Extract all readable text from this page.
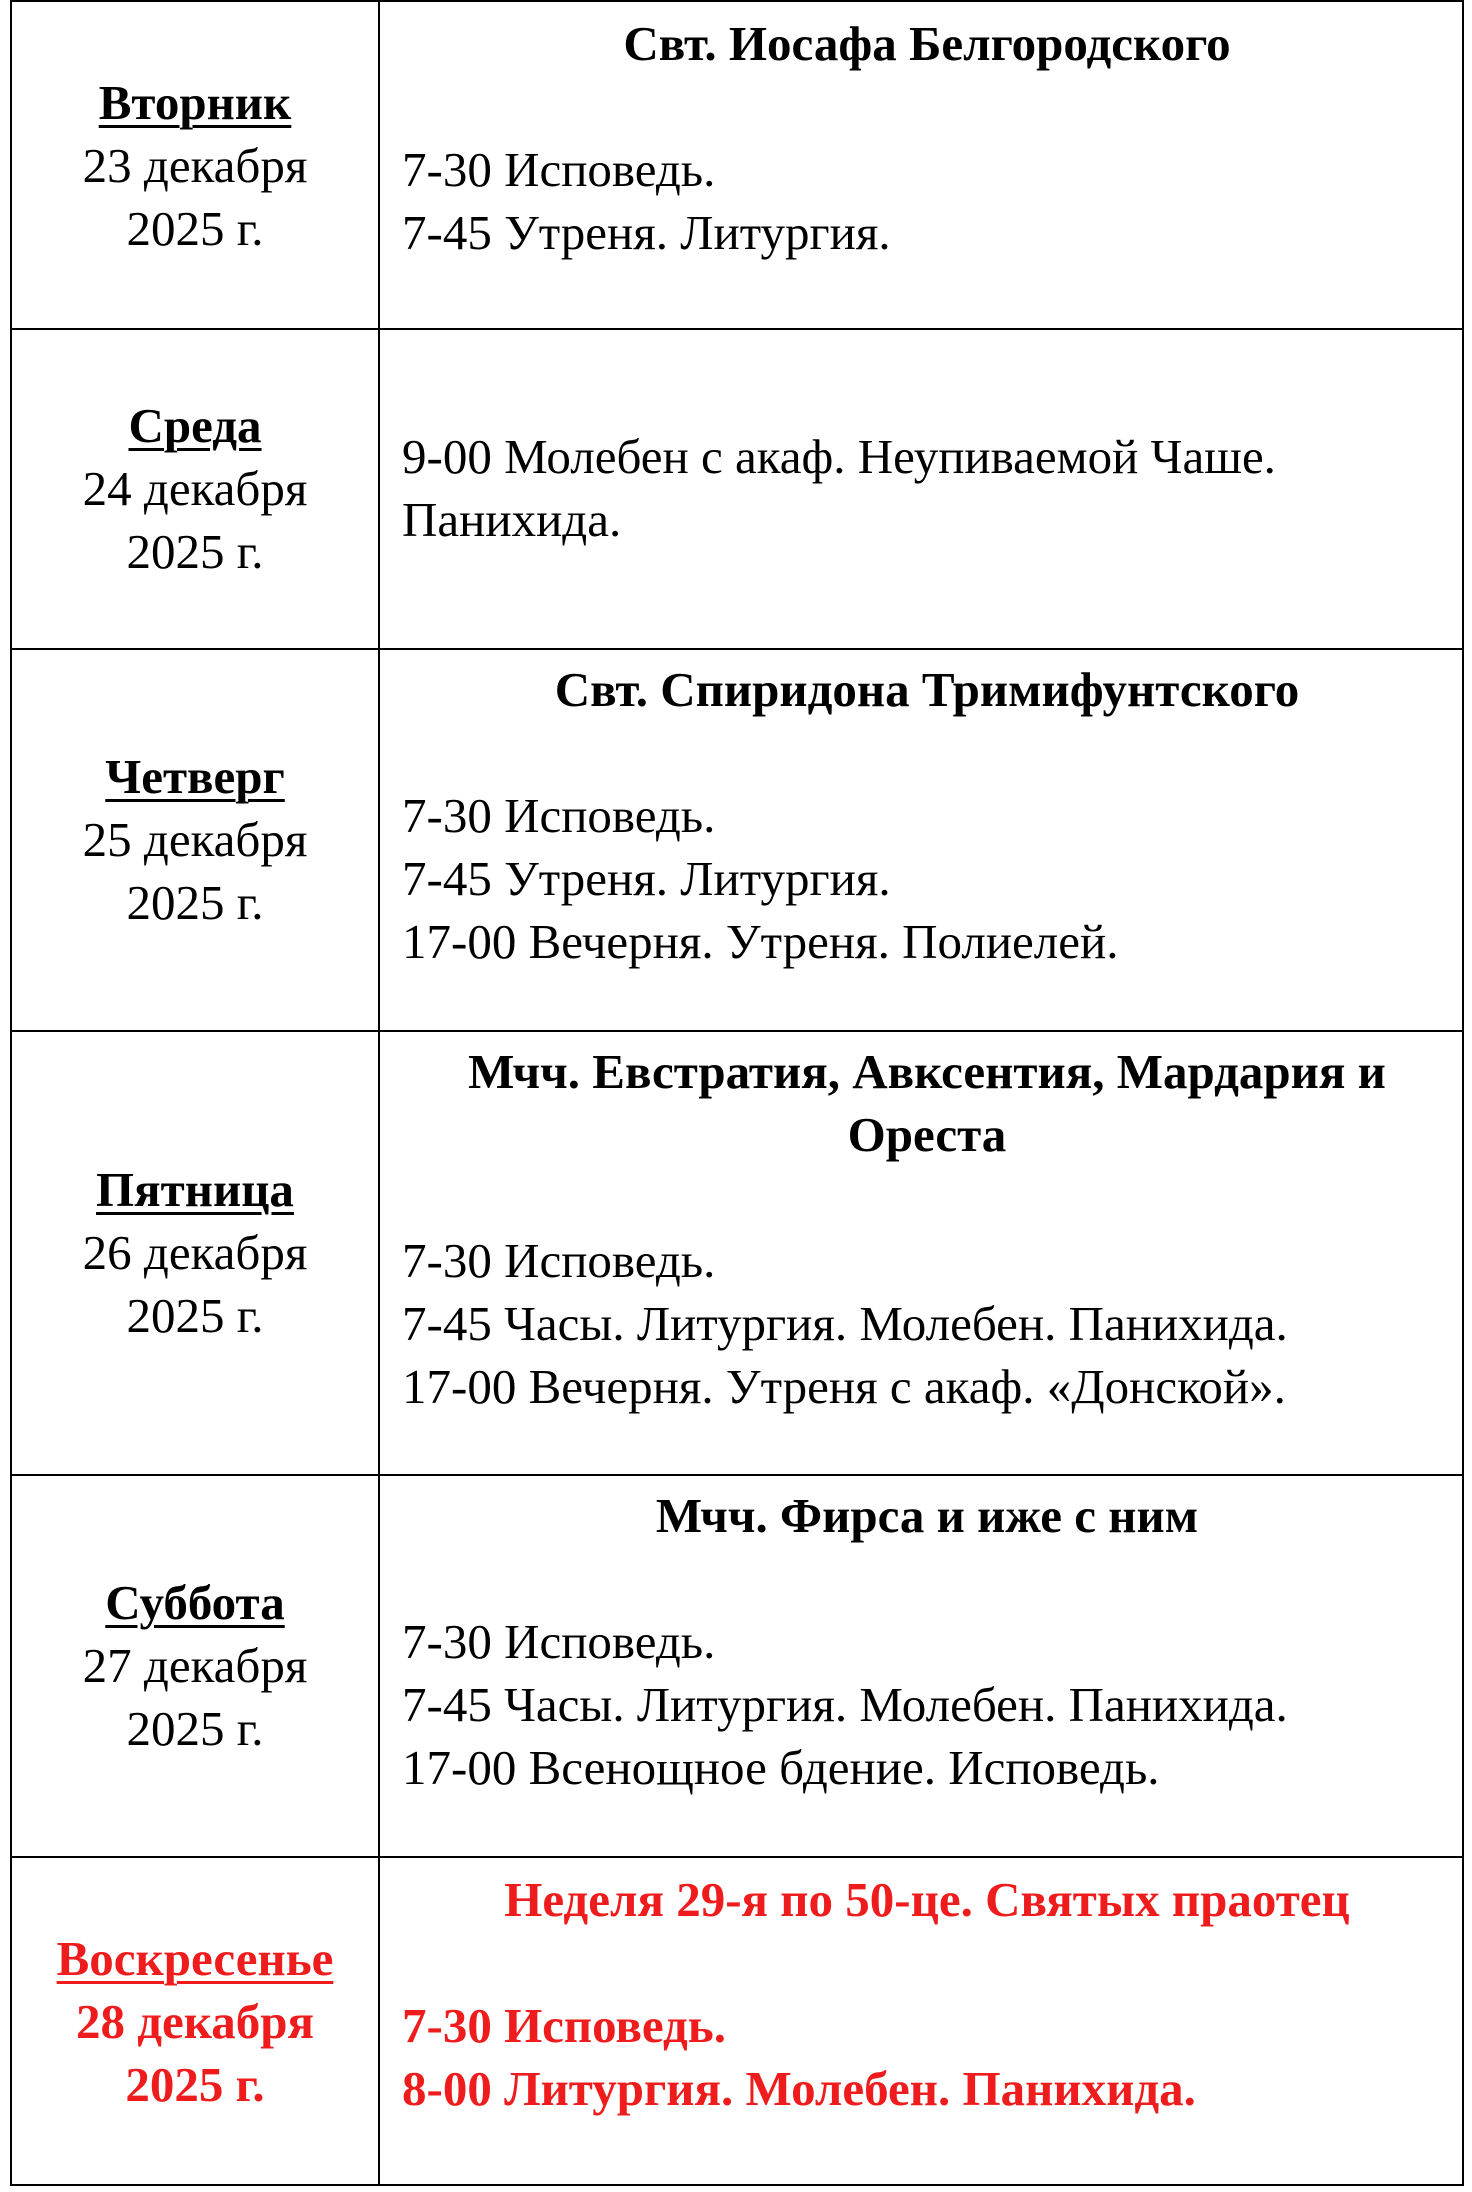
Вторник
23 декабря
2025 г.
Свт. Иосафа Белгородского
7-30 Исповедь.
7-45 Утреня. Литургия.
Среда
24 декабря
2025 г.
9-00 Молебен с акаф. Неупиваемой Чаше. Панихида.
Четверг
25 декабря
2025 г.
Свт. Спиридона Тримифунтского
7-30 Исповедь.
7-45 Утреня. Литургия.
17-00 Вечерня. Утреня. Полиелей.
Пятница
26 декабря
2025 г.
Мчч. Евстратия, Авксентия, Мардария и Ореста
7-30 Исповедь.
7-45 Часы. Литургия. Молебен. Панихида.
17-00 Вечерня. Утреня с акаф. «Донской».
Суббота
27 декабря
2025 г.
Мчч. Фирса и иже с ним
7-30 Исповедь.
7-45 Часы. Литургия. Молебен. Панихида.
17-00 Всенощное бдение. Исповедь.
Воскресенье
28 декабря
2025 г.
Неделя 29-я по 50-це. Святых праотец
7-30 Исповедь.
8-00 Литургия. Молебен. Панихида.
